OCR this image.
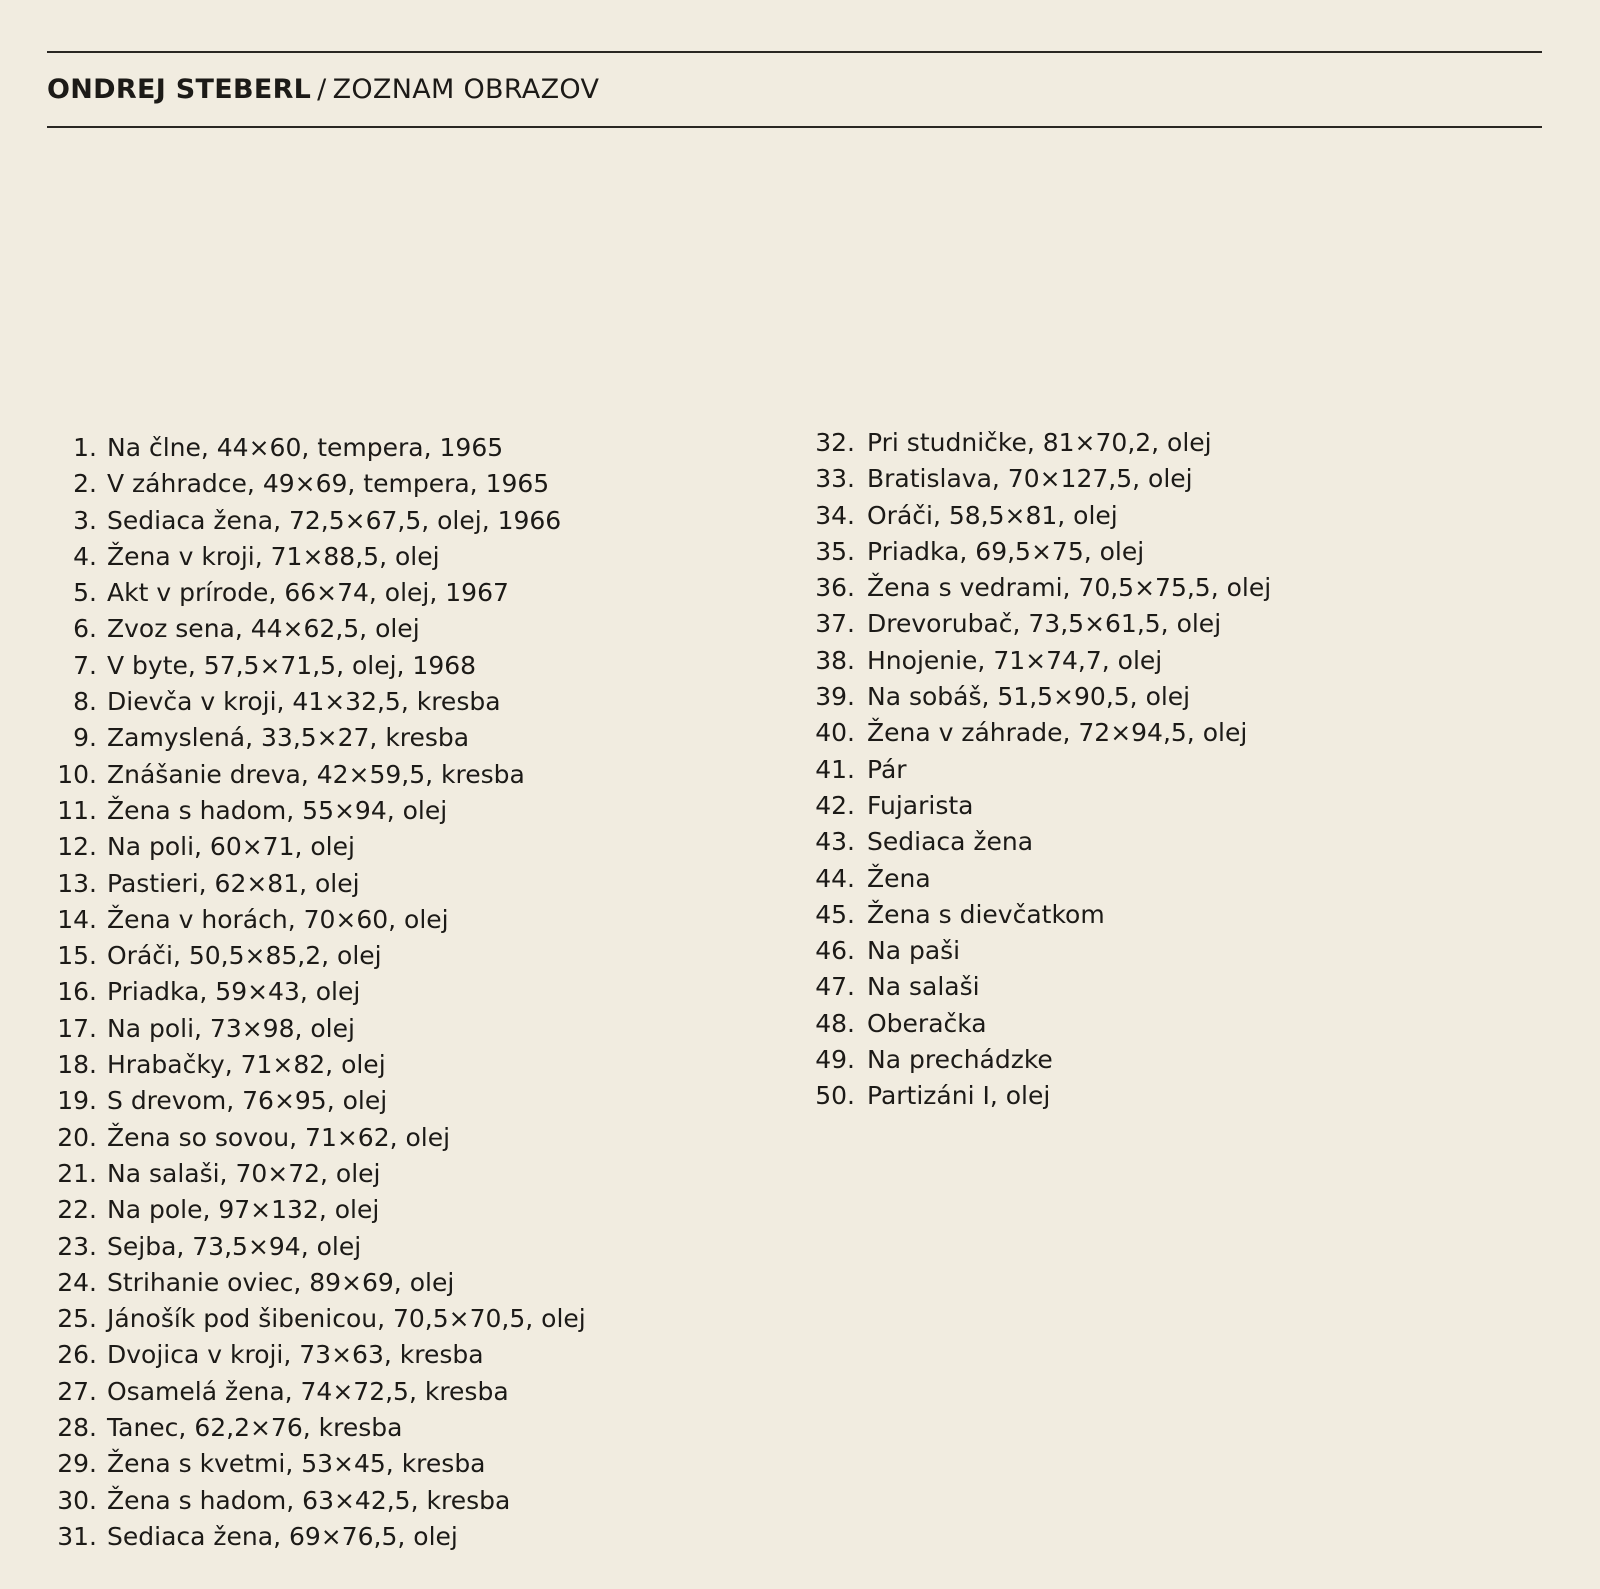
ONDREJ STEBERL / ZOZNAM OBRAZOV
1. Na člne, 44×60, tempera, 1965
2. V záhradce, 49×69, tempera, 1965
3. Sediaca žena, 72,5×67,5, olej, 1966
4. Žena v kroji, 71×88,5, olej
5. Akt v prírode, 66×74, olej, 1967
6. Zvoz sena, 44×62,5, olej
7. V byte, 57,5×71,5, olej, 1968
8. Dievča v kroji, 41×32,5, kresba
9. Zamyslená, 33,5×27, kresba
10. Znášanie dreva, 42×59,5, kresba
11. Žena s hadom, 55×94, olej
12. Na poli, 60×71, olej
13. Pastieri, 62×81, olej
14. Žena v horách, 70×60, olej
15. Oráči, 50,5×85,2, olej
16. Priadka, 59×43, olej
17. Na poli, 73×98, olej
18. Hrabačky, 71×82, olej
19. S drevom, 76×95, olej
20. Žena so sovou, 71×62, olej
21. Na salaši, 70×72, olej
22. Na pole, 97×132, olej
23. Sejba, 73,5×94, olej
24. Strihanie oviec, 89×69, olej
25. Jánošík pod šibenicou, 70,5×70,5, olej
26. Dvojica v kroji, 73×63, kresba
27. Osamelá žena, 74×72,5, kresba
28. Tanec, 62,2×76, kresba
29. Žena s kvetmi, 53×45, kresba
30. Žena s hadom, 63×42,5, kresba
31. Sediaca žena, 69×76,5, olej
32. Pri studničke, 81×70,2, olej
33. Bratislava, 70×127,5, olej
34. Oráči, 58,5×81, olej
35. Priadka, 69,5×75, olej
36. Žena s vedrami, 70,5×75,5, olej
37. Drevorubač, 73,5×61,5, olej
38. Hnojenie, 71×74,7, olej
39. Na sobáš, 51,5×90,5, olej
40. Žena v záhrade, 72×94,5, olej
41. Pár
42. Fujarista
43. Sediaca žena
44. Žena
45. Žena s dievčatkom
46. Na paši
47. Na salaši
48. Oberačka
49. Na prechádzke
50. Partizáni I, olej
